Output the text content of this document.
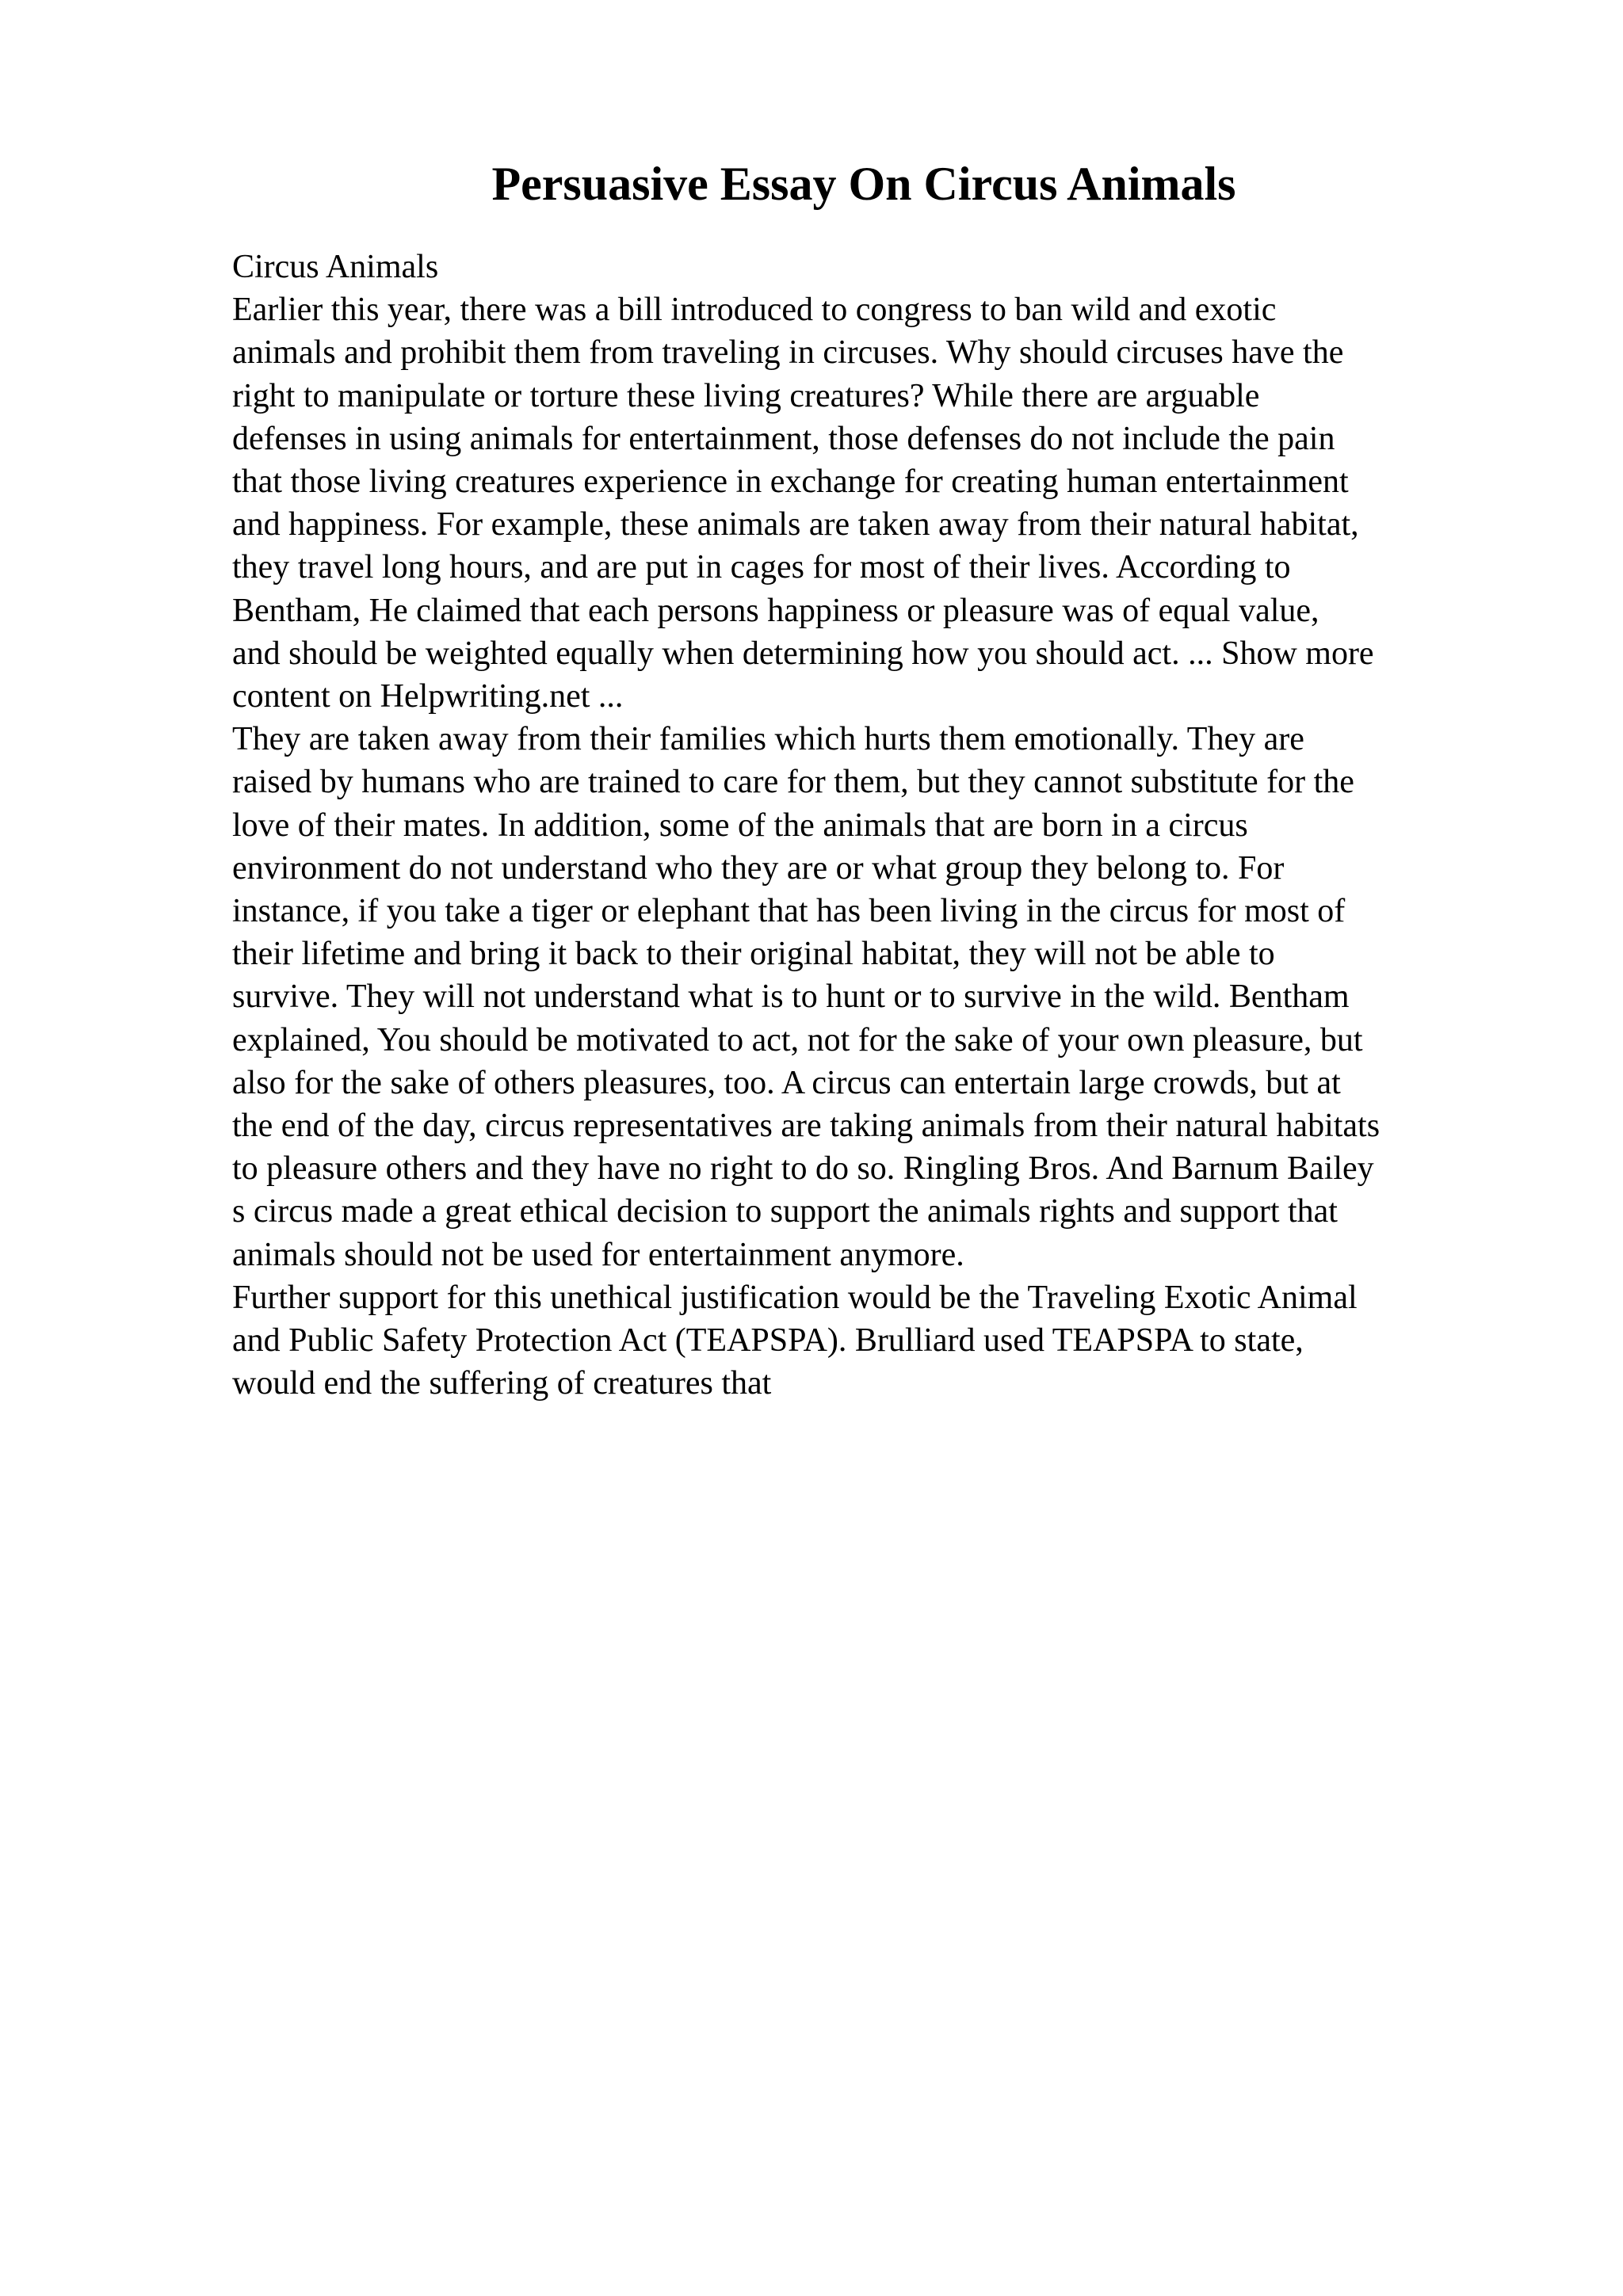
Persuasive Essay On Circus Animals
Circus Animals
Earlier this year, there was a bill introduced to congress to ban wild and exotic
animals and prohibit them from traveling in circuses. Why should circuses have the
right to manipulate or torture these living creatures? While there are arguable
defenses in using animals for entertainment, those defenses do not include the pain
that those living creatures experience in exchange for creating human entertainment
and happiness. For example, these animals are taken away from their natural habitat,
they travel long hours, and are put in cages for most of their lives. According to
Bentham, He claimed that each persons happiness or pleasure was of equal value,
and should be weighted equally when determining how you should act. ... Show more
content on Helpwriting.net ...
They are taken away from their families which hurts them emotionally. They are
raised by humans who are trained to care for them, but they cannot substitute for the
love of their mates. In addition, some of the animals that are born in a circus
environment do not understand who they are or what group they belong to. For
instance, if you take a tiger or elephant that has been living in the circus for most of
their lifetime and bring it back to their original habitat, they will not be able to
survive. They will not understand what is to hunt or to survive in the wild. Bentham
explained, You should be motivated to act, not for the sake of your own pleasure, but
also for the sake of others pleasures, too. A circus can entertain large crowds, but at
the end of the day, circus representatives are taking animals from their natural habitats
to pleasure others and they have no right to do so. Ringling Bros. And Barnum Bailey
s circus made a great ethical decision to support the animals rights and support that
animals should not be used for entertainment anymore.
Further support for this unethical justification would be the Traveling Exotic Animal
and Public Safety Protection Act (TEAPSPA). Brulliard used TEAPSPA to state,
would end the suffering of creatures that
